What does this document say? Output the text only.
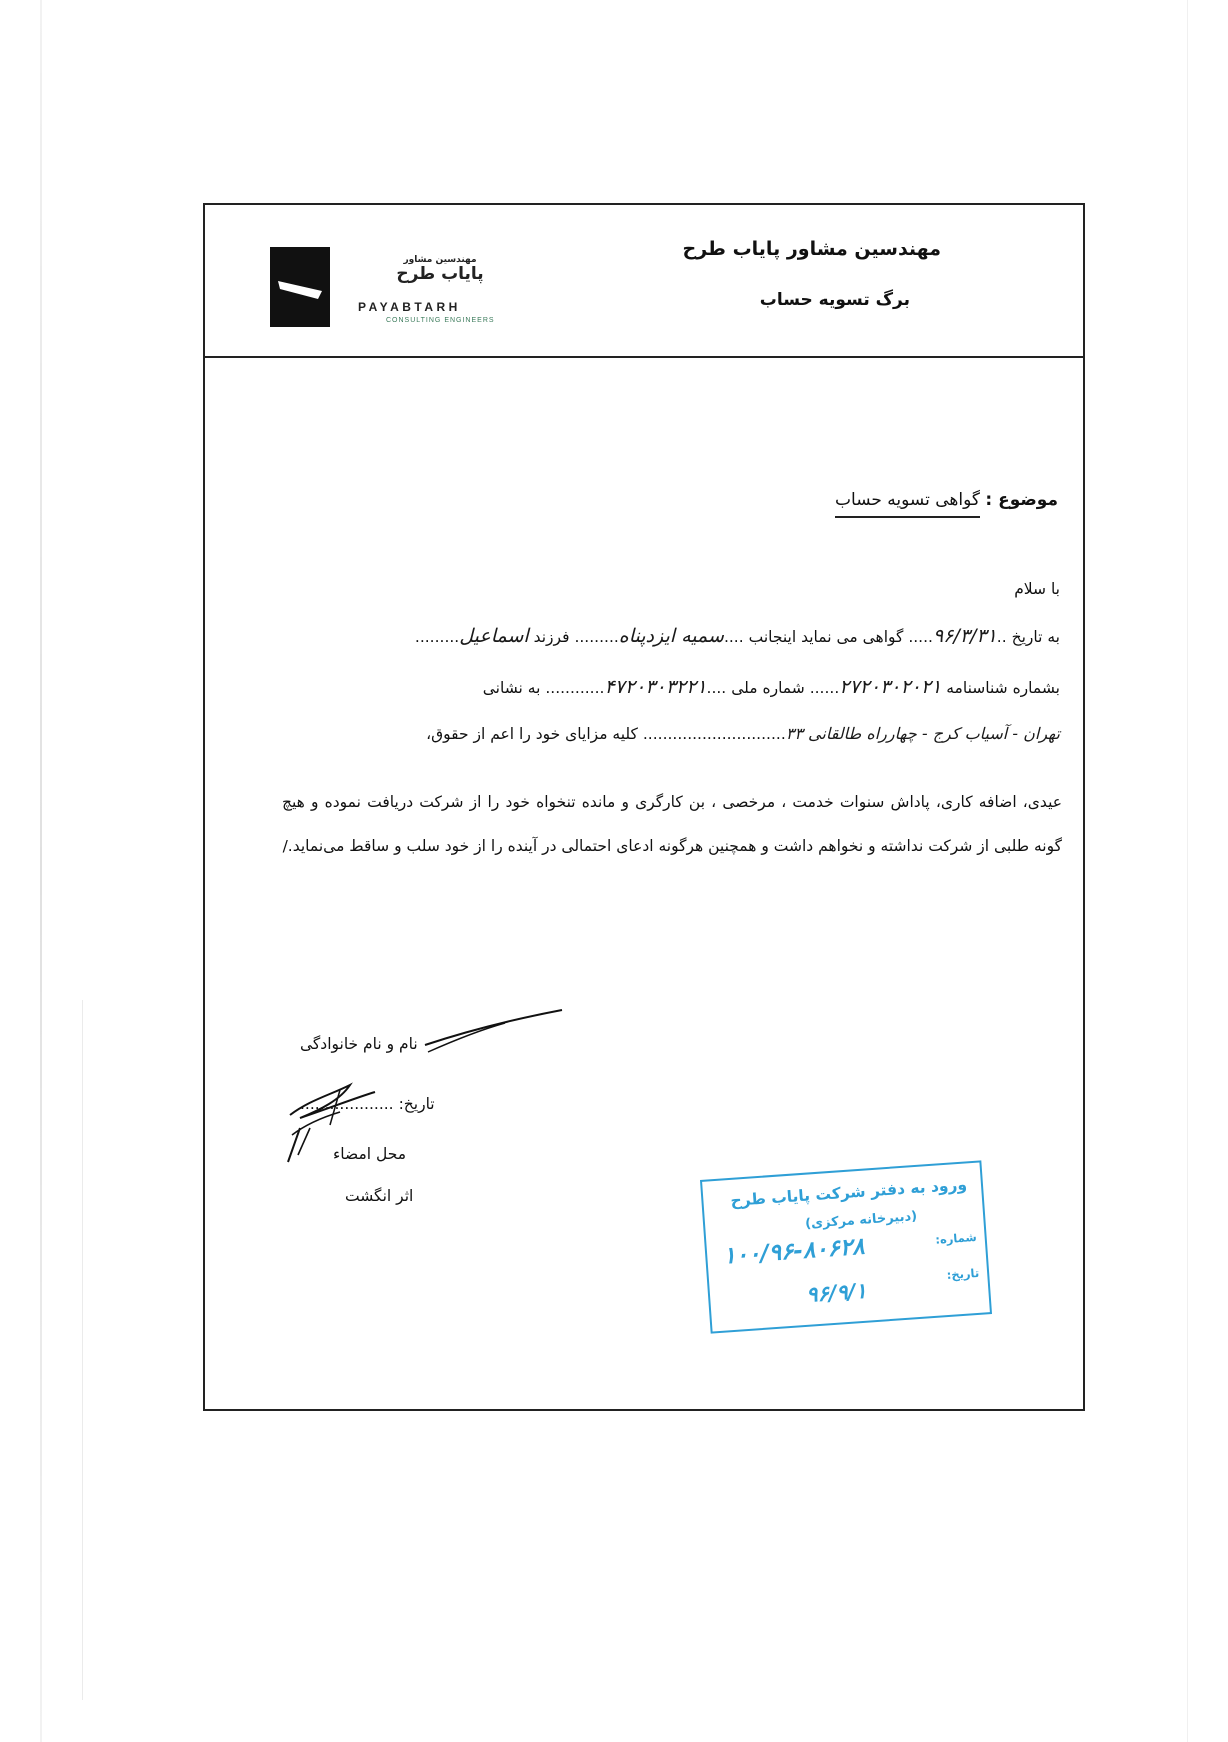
مهندسین مشاور
پایاب طرح
PAYABTARH
CONSULTING ENGINEERS
مهندسین مشاور پایاب طرح
برگ تسویه حساب
موضوع : گواهی تسویه حساب
با سلام
به تاریخ ..۹۶/۳/۳۱..... گواهی می نماید اینجانب ....سمیه ایزدپناه......... فرزند اسماعیل.........
بشماره شناسنامه ۲۷۲۰۳۰۲۰۲۱...... شماره ملی ....۴۷۲۰۳۰۳۲۲۱............ به نشانی
تهران - آسیاب کرج - چهارراه طالقانی ۳۳............................. کلیه مزایای خود را اعم از حقوق،
عیدی، اضافه کاری، پاداش سنوات خدمت ، مرخصی ، بن کارگری و مانده تنخواه خود را از شرکت دریافت نموده و هیچ گونه طلبی از شرکت نداشته و نخواهم داشت و همچنین هرگونه ادعای احتمالی در آینده را از خود سلب و ساقط می‌نماید./
نام و نام خانوادگی
تاریخ: ...................
محل امضاء
اثر انگشت	ورود به دفتر شرکت پایاب طرح
(دبیرخانه مرکزی)
شماره:
۱۰۰/۹۶-۸۰۶۲۸
تاریخ:
۹۶/۹/۱
